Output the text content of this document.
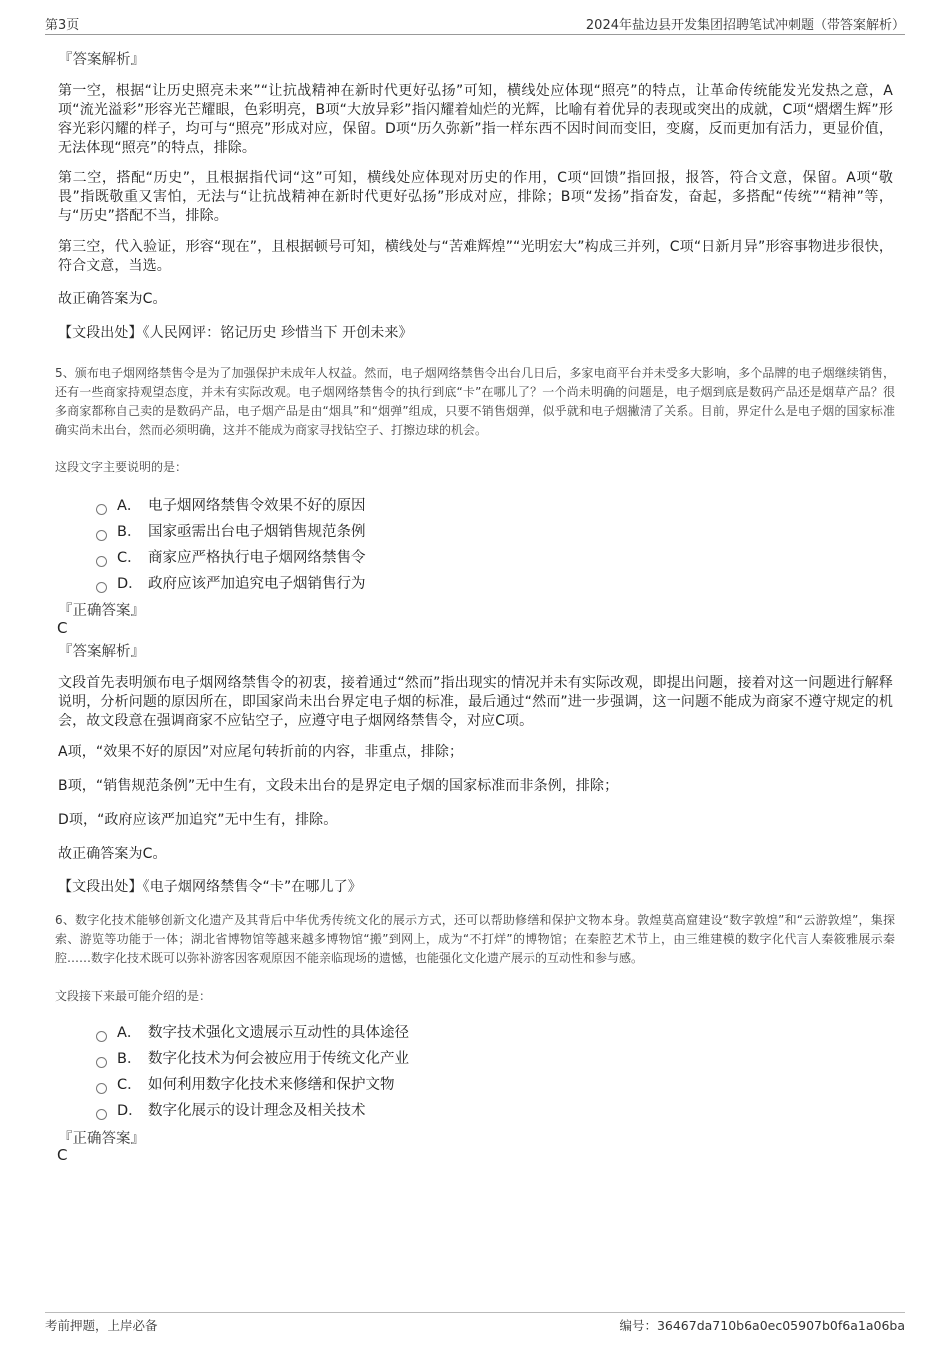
第3页	2024年盐边县开发集团招聘笔试冲刺题（带答案解析）
『答案解析』

第一空，根据“让历史照亮未来”“让抗战精神在新时代更好弘扬”可知，横线处应体现“照亮”的特点，让革命传统能发光发热之意，A项“流光溢彩”形容光芒耀眼，色彩明亮，B项“大放异彩”指闪耀着灿烂的光辉，比喻有着优异的表现或突出的成就，C项“熠熠生辉”形容光彩闪耀的样子，均可与“照亮”形成对应，保留。D项“历久弥新”指一样东西不因时间而变旧，变腐，反而更加有活力，更显价值，无法体现“照亮”的特点，排除。

第二空，搭配“历史”，且根据指代词“这”可知，横线处应体现对历史的作用，C项“回馈”指回报，报答，符合文意，保留。A项“敬畏”指既敬重又害怕，无法与“让抗战精神在新时代更好弘扬”形成对应，排除；B项“发扬”指奋发，奋起，多搭配“传统”“精神”等，与“历史”搭配不当，排除。

第三空，代入验证，形容“现在”，且根据顿号可知，横线处与“苦难辉煌”“光明宏大”构成三并列，C项“日新月异”形容事物进步很快，符合文意，当选。

故正确答案为C。

【文段出处】《人民网评：铭记历史 珍惜当下 开创未来》

5、颁布电子烟网络禁售令是为了加强保护未成年人权益。然而，电子烟网络禁售令出台几日后，多家电商平台并未受多大影响，多个品牌的电子烟继续销售，还有一些商家持观望态度，并未有实际改观。电子烟网络禁售令的执行到底“卡”在哪儿了？一个尚未明确的问题是，电子烟到底是数码产品还是烟草产品？很多商家都称自己卖的是数码产品，电子烟产品是由“烟具”和“烟弹”组成，只要不销售烟弹，似乎就和电子烟撇清了关系。目前，界定什么是电子烟的国家标准确实尚未出台，然而必须明确，这并不能成为商家寻找钻空子、打擦边球的机会。

这段文字主要说明的是：
A． 电子烟网络禁售令效果不好的原因
B． 国家亟需出台电子烟销售规范条例
C． 商家应严格执行电子烟网络禁售令
D． 政府应该严加追究电子烟销售行为
『正确答案』
C
『答案解析』

文段首先表明颁布电子烟网络禁售令的初衷，接着通过“然而”指出现实的情况并未有实际改观，即提出问题，接着对这一问题进行解释说明，分析问题的原因所在，即国家尚未出台界定电子烟的标准，最后通过“然而”进一步强调，这一问题不能成为商家不遵守规定的机会，故文段意在强调商家不应钻空子，应遵守电子烟网络禁售令，对应C项。

A项，“效果不好的原因”对应尾句转折前的内容，非重点，排除；

B项，“销售规范条例”无中生有，文段未出台的是界定电子烟的国家标准而非条例，排除；

D项，“政府应该严加追究”无中生有，排除。

故正确答案为C。

【文段出处】《电子烟网络禁售令“卡”在哪儿了》

6、数字化技术能够创新文化遗产及其背后中华优秀传统文化的展示方式，还可以帮助修缮和保护文物本身。敦煌莫高窟建设“数字敦煌”和“云游敦煌”，集探索、游览等功能于一体；湖北省博物馆等越来越多博物馆“搬”到网上，成为“不打烊”的博物馆；在秦腔艺术节上，由三维建模的数字化代言人秦筱雅展示秦腔……数字化技术既可以弥补游客因客观原因不能亲临现场的遗憾，也能强化文化遗产展示的互动性和参与感。

文段接下来最可能介绍的是：
A． 数字技术强化文遗展示互动性的具体途径
B． 数字化技术为何会被应用于传统文化产业
C． 如何利用数字化技术来修缮和保护文物
D． 数字化展示的设计理念及相关技术
『正确答案』
C
考前押题，上岸必备	编号：36467da710b6a0ec05907b0f6a1a06ba
